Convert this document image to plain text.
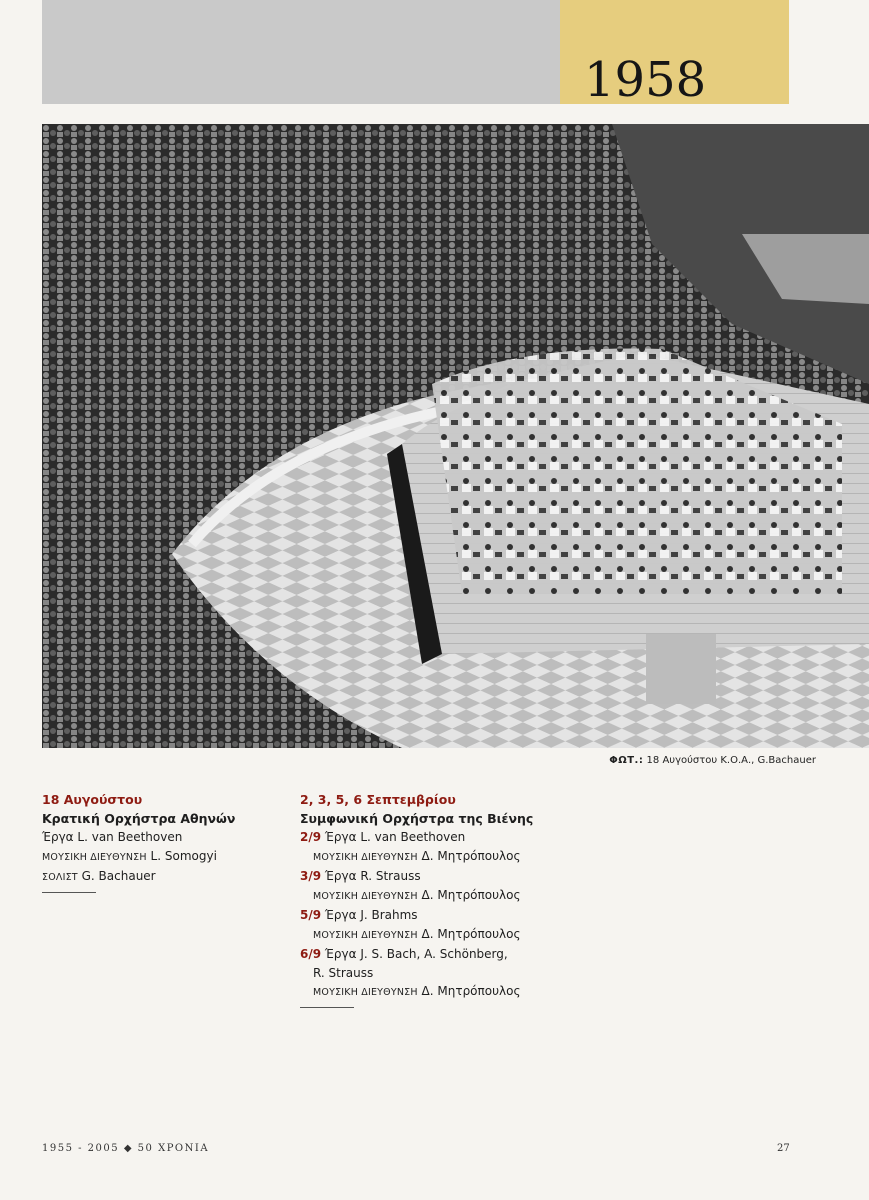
1958
ΦΩΤ.: 18 Αυγούστου Κ.Ο.Α., G.Bachauer
18 Αυγούστου
Κρατική Ορχήστρα Αθηνών
Έργα L. van Beethoven
ΜΟΥΣΙΚΗ ΔΙΕΥΘΥΝΣΗ L. Somogyi
ΣΟΛΙΣΤ G. Bachauer
2, 3, 5, 6 Σεπτεμβρίου
Συμφωνική Ορχήστρα της Βιένης
2/9 Έργα L. van Beethoven
ΜΟΥΣΙΚΗ ΔΙΕΥΘΥΝΣΗ Δ. Μητρόπουλος
3/9 Έργα R. Strauss
ΜΟΥΣΙΚΗ ΔΙΕΥΘΥΝΣΗ Δ. Μητρόπουλος
5/9 Έργα J. Brahms
ΜΟΥΣΙΚΗ ΔΙΕΥΘΥΝΣΗ Δ. Μητρόπουλος
6/9 Έργα J. S. Bach, A. Schönberg,
R. Strauss
ΜΟΥΣΙΚΗ ΔΙΕΥΘΥΝΣΗ Δ. Μητρόπουλος
1955 - 2005 ◆ 50 ΧΡΟΝΙΑ	27
